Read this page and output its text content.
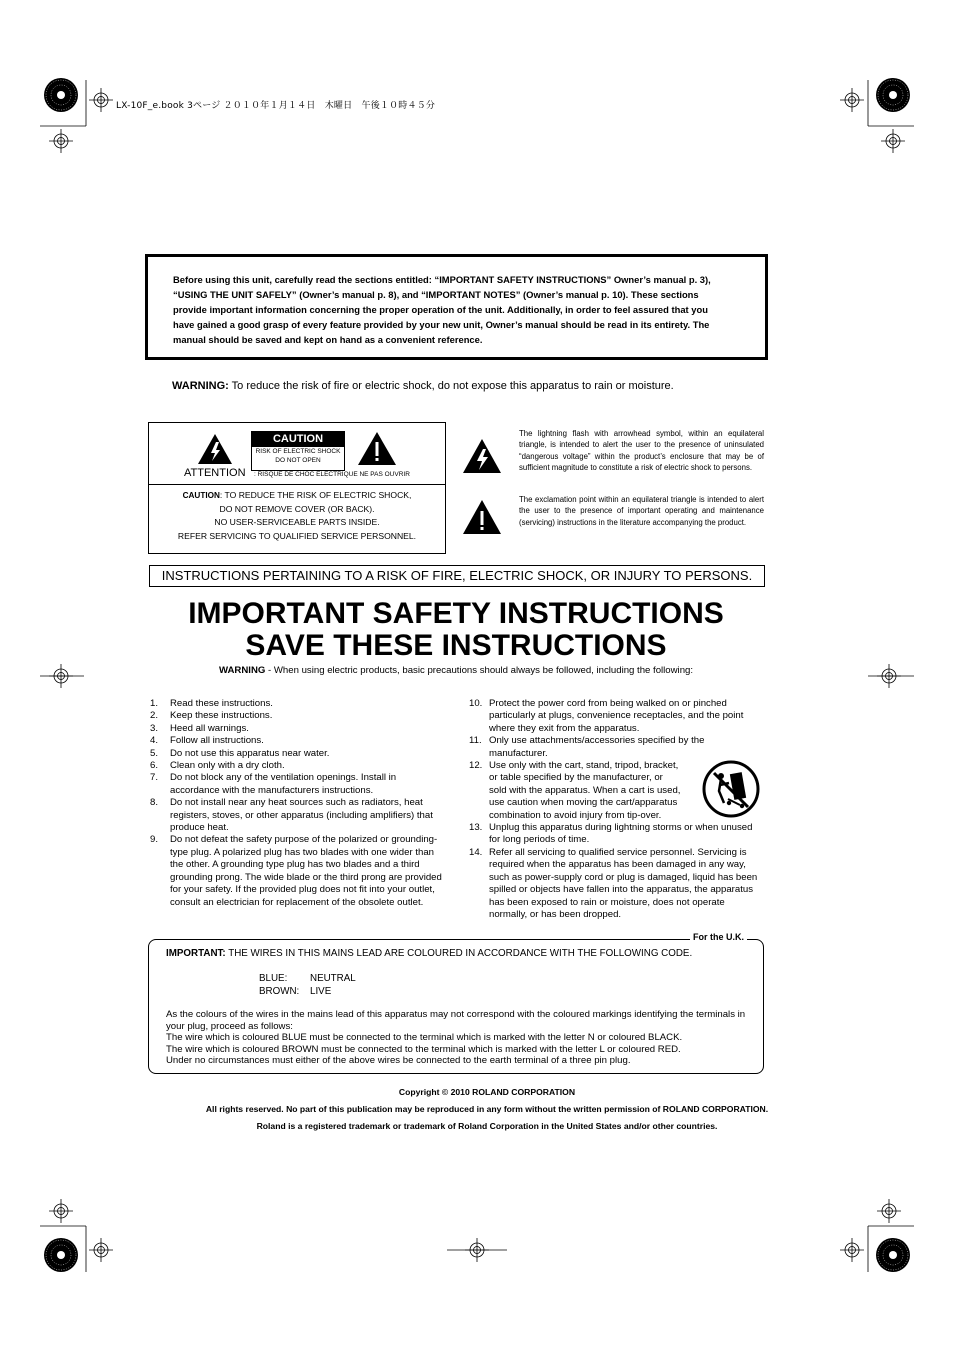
LX-10F_e.book 3ページ ２０１０年１月１４日　木曜日　午後１０時４５分
Before using this unit, carefully read the sections entitled: “IMPORTANT SAFETY INSTRUCTIONS” Owner’s manual p. 3),
“USING THE UNIT SAFELY” (Owner’s manual p. 8), and “IMPORTANT NOTES” (Owner’s manual p. 10). These sections
provide important information concerning the proper operation of the unit. Additionally, in order to feel assured that you
have gained a good grasp of every feature provided by your new unit, Owner’s manual should be read in its entirety. The
manual should be saved and kept on hand as a convenient reference.
WARNING: To reduce the risk of fire or electric shock, do not expose this apparatus to rain or moisture.
CAUTION
RISK OF ELECTRIC SHOCK
DO NOT OPEN
ATTENTION : RISQUE DE CHOC ELECTRIQUE NE PAS OUVRIR
CAUTION: TO REDUCE THE RISK OF ELECTRIC SHOCK,
DO NOT REMOVE COVER (OR BACK).
NO USER-SERVICEABLE PARTS INSIDE.
REFER SERVICING TO QUALIFIED SERVICE PERSONNEL.
The lightning flash with arrowhead symbol, within an equilateral triangle, is intended to alert the user to the presence of uninsulated “dangerous voltage” within the product’s enclosure that may be of sufficient magnitude to constitute a risk of electric shock to persons.
The exclamation point within an equilateral triangle is intended to alert the user to the presence of important operating and maintenance (servicing) instructions in the literature accompanying the product.
INSTRUCTIONS PERTAINING TO A RISK OF FIRE, ELECTRIC SHOCK, OR INJURY TO PERSONS.
IMPORTANT SAFETY INSTRUCTIONS
SAVE THESE INSTRUCTIONS
WARNING - When using electric products, basic precautions should always be followed, including the following:
1. Read these instructions.
2. Keep these instructions.
3. Heed all warnings.
4. Follow all instructions.
5. Do not use this apparatus near water.
6. Clean only with a dry cloth.
7. Do not block any of the ventilation openings. Install in accordance with the manufacturers instructions.
8. Do not install near any heat sources such as radiators, heat registers, stoves, or other apparatus (including amplifiers) that produce heat.
9. Do not defeat the safety purpose of the polarized or grounding-type plug. A polarized plug has two blades with one wider than the other. A grounding type plug has two blades and a third grounding prong. The wide blade or the third prong are provided for your safety. If the provided plug does not fit into your outlet, consult an electrician for replacement of the obsolete outlet.
10. Protect the power cord from being walked on or pinched particularly at plugs, convenience receptacles, and the point where they exit from the apparatus.
11. Only use attachments/accessories specified by the manufacturer.
12. Use only with the cart, stand, tripod, bracket, or table specified by the manufacturer, or sold with the apparatus. When a cart is used, use caution when moving the cart/apparatus combination to avoid injury from tip-over.
13. Unplug this apparatus during lightning storms or when unused for long periods of time.
14. Refer all servicing to qualified service personnel. Servicing is required when the apparatus has been damaged in any way, such as power-supply cord or plug is damaged, liquid has been spilled or objects have fallen into the apparatus, the apparatus has been exposed to rain or moisture, does not operate normally, or has been dropped.
For the U.K.
IMPORTANT: THE WIRES IN THIS MAINS LEAD ARE COLOURED IN ACCORDANCE WITH THE FOLLOWING CODE.
BLUE: NEUTRAL
BROWN: LIVE
As the colours of the wires in the mains lead of this apparatus may not correspond with the coloured markings identifying the terminals in your plug, proceed as follows:
The wire which is coloured BLUE must be connected to the terminal which is marked with the letter N or coloured BLACK.
The wire which is coloured BROWN must be connected to the terminal which is marked with the letter L or coloured RED.
Under no circumstances must either of the above wires be connected to the earth terminal of a three pin plug.
Copyright © 2010 ROLAND CORPORATION
All rights reserved. No part of this publication may be reproduced in any form without the written permission of ROLAND CORPORATION.
Roland is a registered trademark or trademark of Roland Corporation in the United States and/or other countries.
